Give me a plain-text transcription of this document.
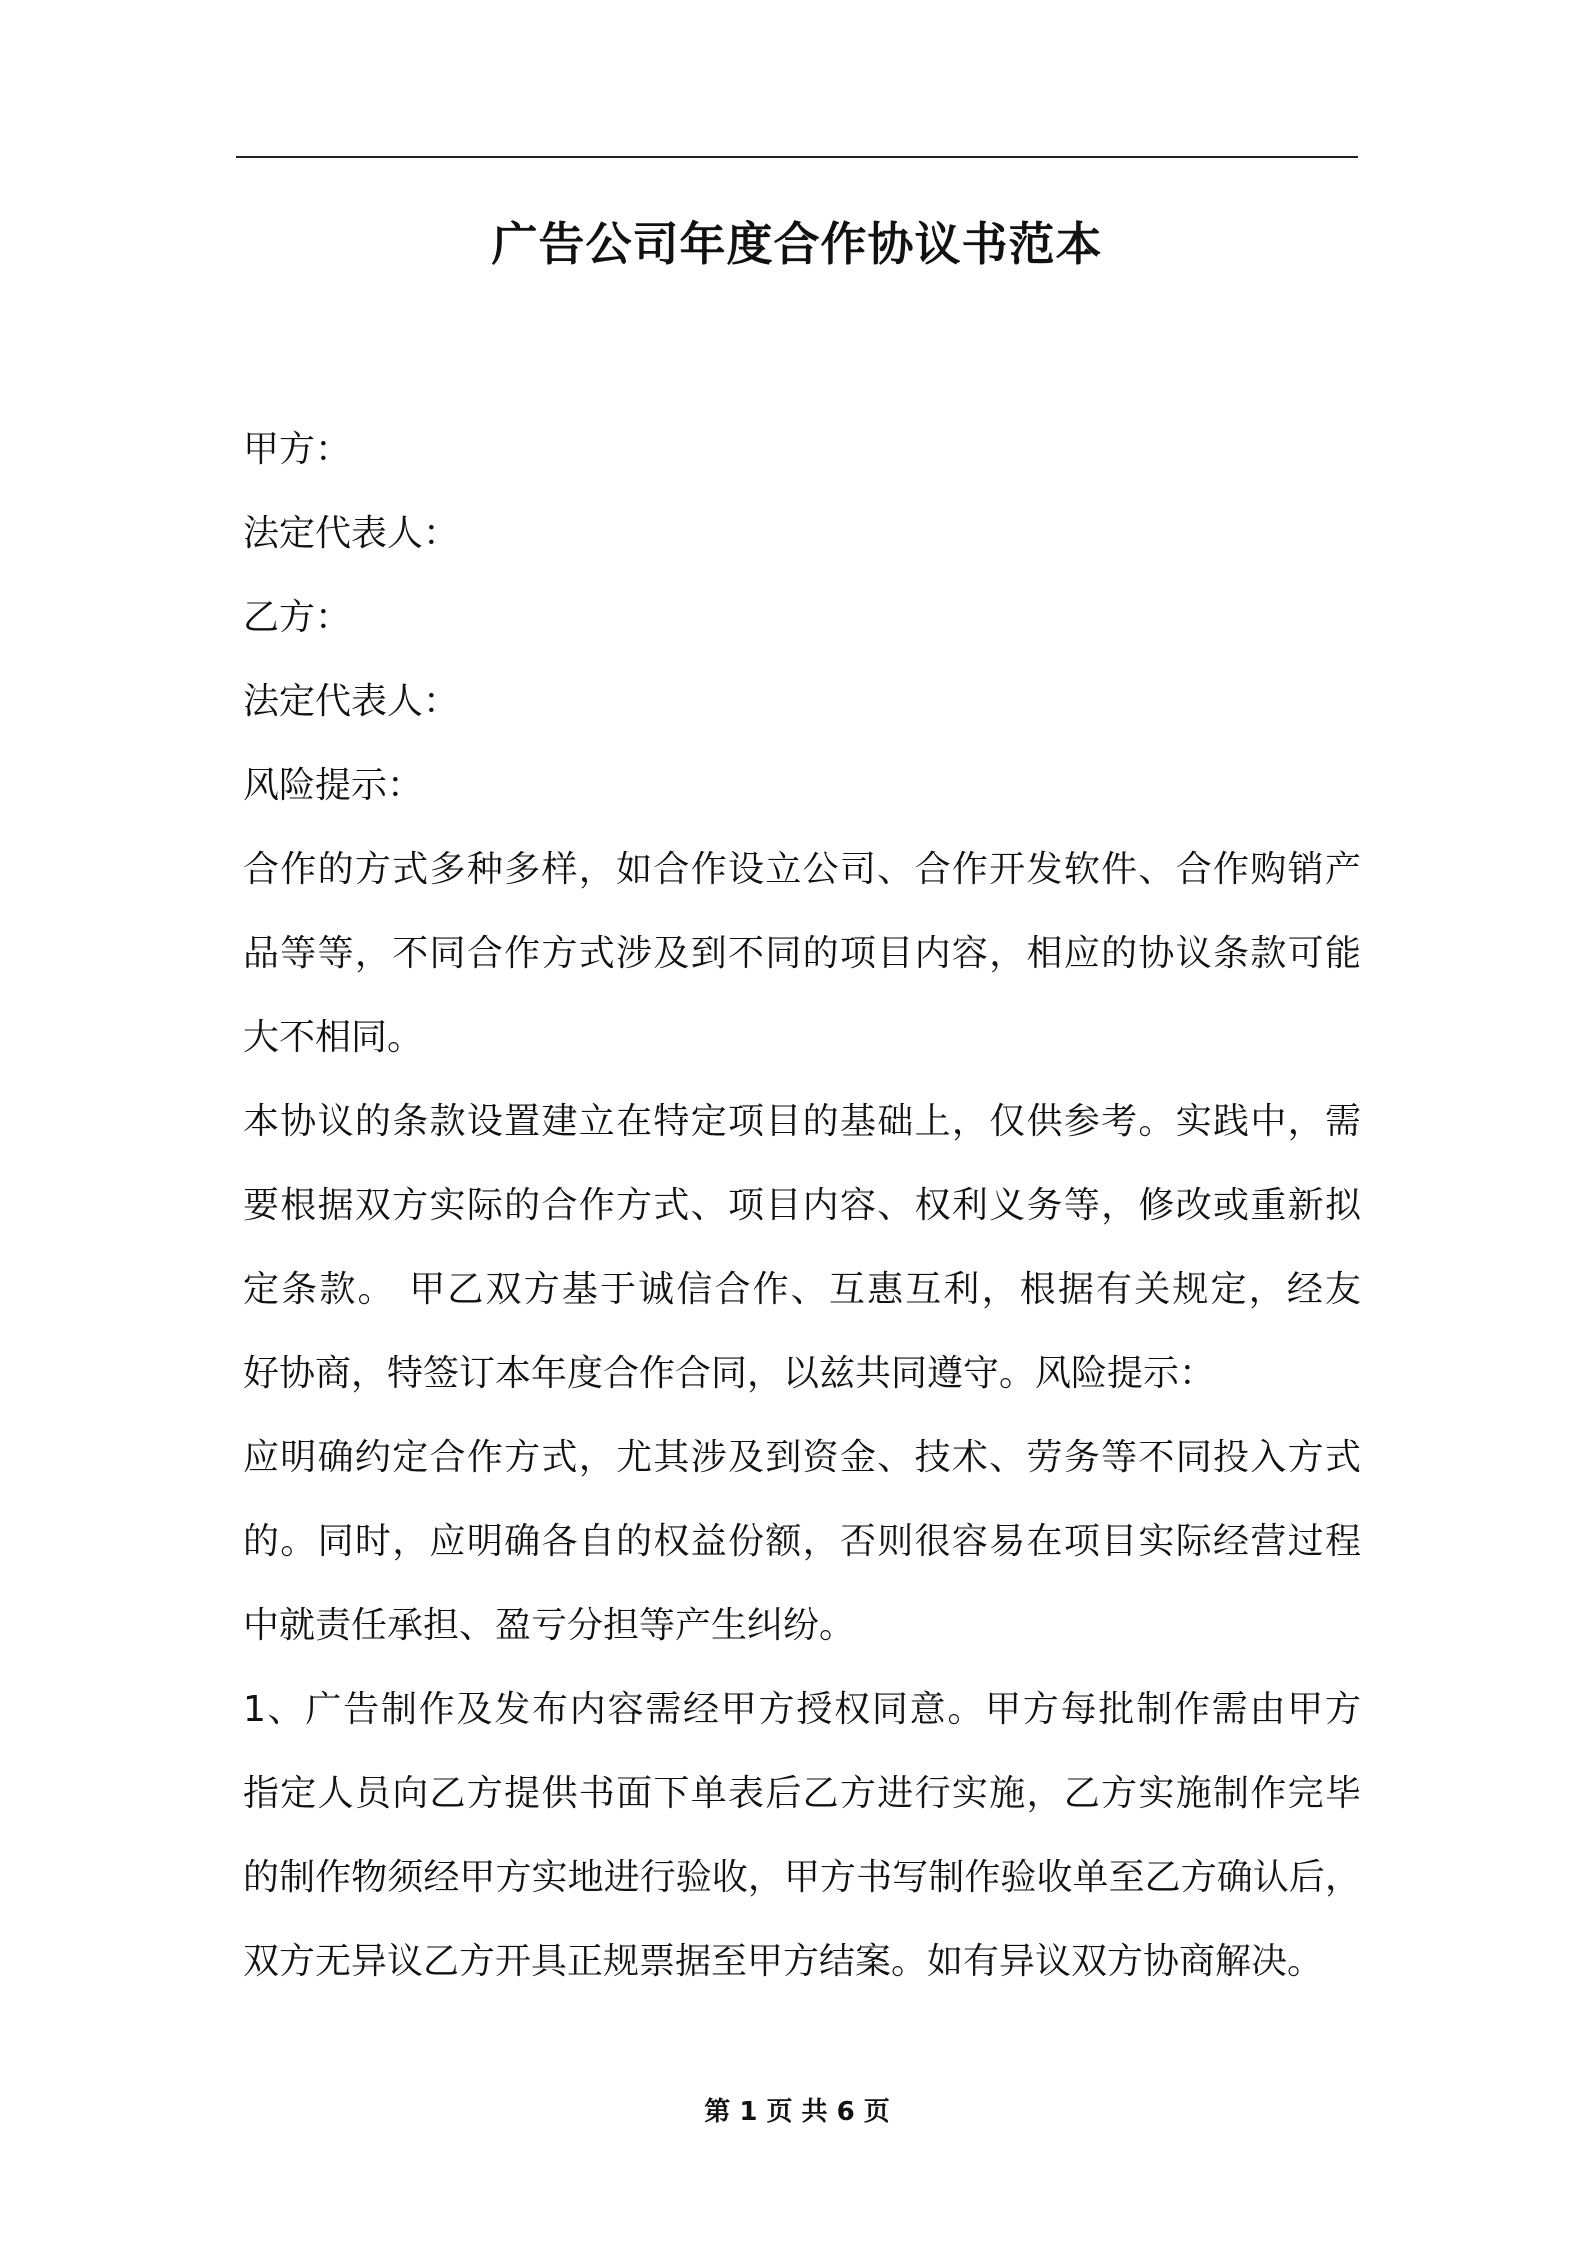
广告公司年度合作协议书范本
甲方：
法定代表人：
乙方：
法定代表人：
风险提示：
合作的方式多种多样，如合作设立公司、合作开发软件、合作购销产
品等等，不同合作方式涉及到不同的项目内容，相应的协议条款可能
大不相同。
本协议的条款设置建立在特定项目的基础上，仅供参考。实践中，需
要根据双方实际的合作方式、项目内容、权利义务等，修改或重新拟
定条款。 甲乙双方基于诚信合作、互惠互利，根据有关规定，经友
好协商，特签订本年度合作合同，以兹共同遵守。风险提示：
应明确约定合作方式，尤其涉及到资金、技术、劳务等不同投入方式
的。同时，应明确各自的权益份额，否则很容易在项目实际经营过程
中就责任承担、盈亏分担等产生纠纷。
1、广告制作及发布内容需经甲方授权同意。甲方每批制作需由甲方
指定人员向乙方提供书面下单表后乙方进行实施，乙方实施制作完毕
的制作物须经甲方实地进行验收，甲方书写制作验收单至乙方确认后，
双方无异议乙方开具正规票据至甲方结案。如有异议双方协商解决。
第 1 页 共 6 页
